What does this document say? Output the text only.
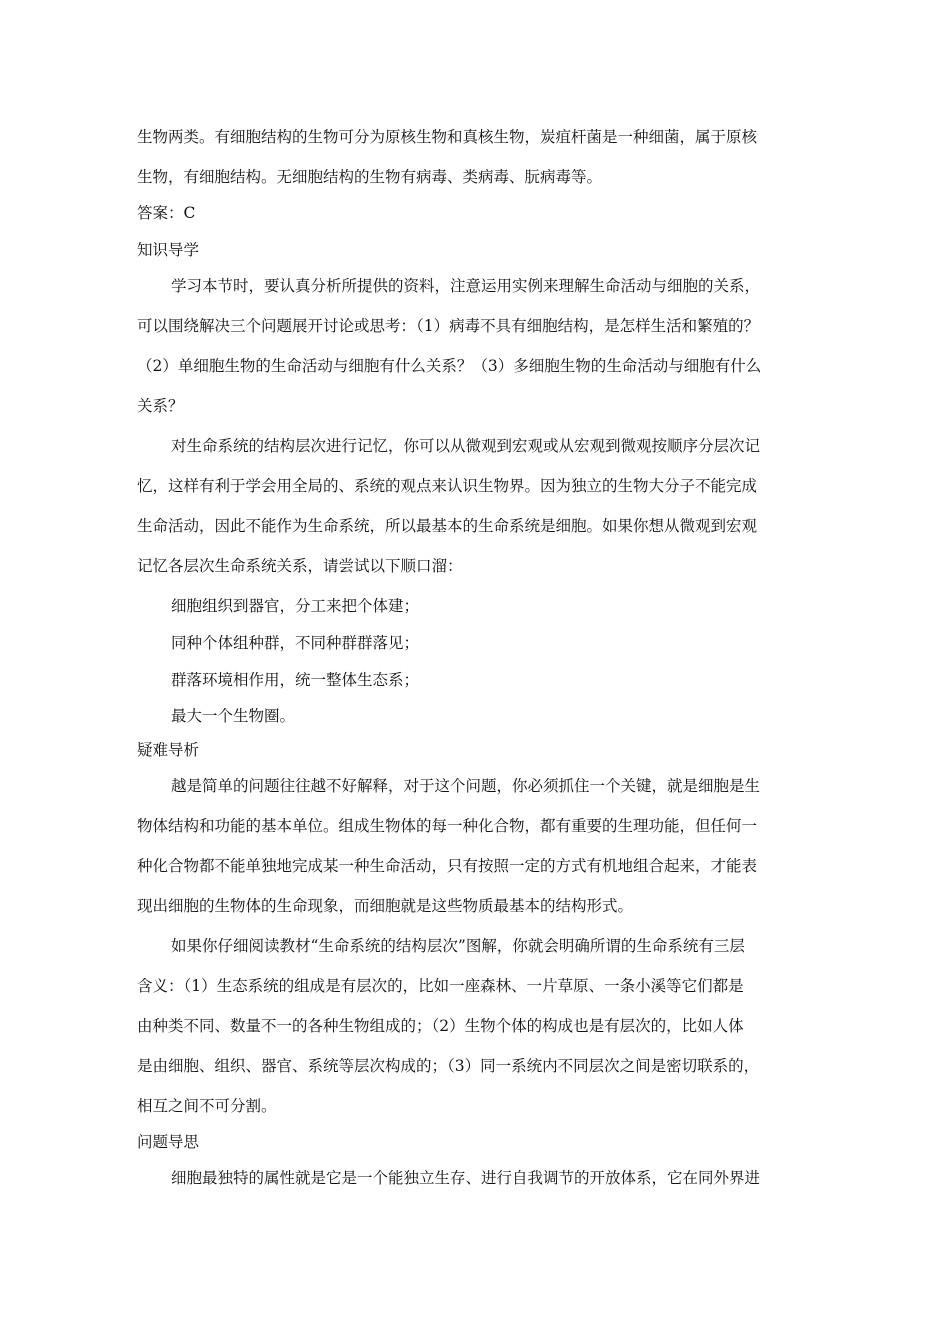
生物两类。有细胞结构的生物可分为原核生物和真核生物，炭疽杆菌是一种细菌，属于原核
生物，有细胞结构。无细胞结构的生物有病毒、类病毒、朊病毒等。
答案：C
知识导学
学习本节时，要认真分析所提供的资料，注意运用实例来理解生命活动与细胞的关系，
可以围绕解决三个问题展开讨论或思考：（1）病毒不具有细胞结构，是怎样生活和繁殖的？
（2）单细胞生物的生命活动与细胞有什么关系？（3）多细胞生物的生命活动与细胞有什么
关系？
对生命系统的结构层次进行记忆，你可以从微观到宏观或从宏观到微观按顺序分层次记
忆，这样有利于学会用全局的、系统的观点来认识生物界。因为独立的生物大分子不能完成
生命活动，因此不能作为生命系统，所以最基本的生命系统是细胞。如果你想从微观到宏观
记忆各层次生命系统关系，请尝试以下顺口溜：
细胞组织到器官，分工来把个体建；
同种个体组种群，不同种群群落见；
群落环境相作用，统一整体生态系；
最大一个生物圈。
疑难导析
越是简单的问题往往越不好解释，对于这个问题，你必须抓住一个关键，就是细胞是生
物体结构和功能的基本单位。组成生物体的每一种化合物，都有重要的生理功能，但任何一
种化合物都不能单独地完成某一种生命活动，只有按照一定的方式有机地组合起来，才能表
现出细胞的生物体的生命现象，而细胞就是这些物质最基本的结构形式。
如果你仔细阅读教材“生命系统的结构层次”图解，你就会明确所谓的生命系统有三层
含义：（1）生态系统的组成是有层次的，比如一座森林、一片草原、一条小溪等它们都是
由种类不同、数量不一的各种生物组成的；（2）生物个体的构成也是有层次的，比如人体
是由细胞、组织、器官、系统等层次构成的；（3）同一系统内不同层次之间是密切联系的，
相互之间不可分割。
问题导思
细胞最独特的属性就是它是一个能独立生存、进行自我调节的开放体系，它在同外界进
